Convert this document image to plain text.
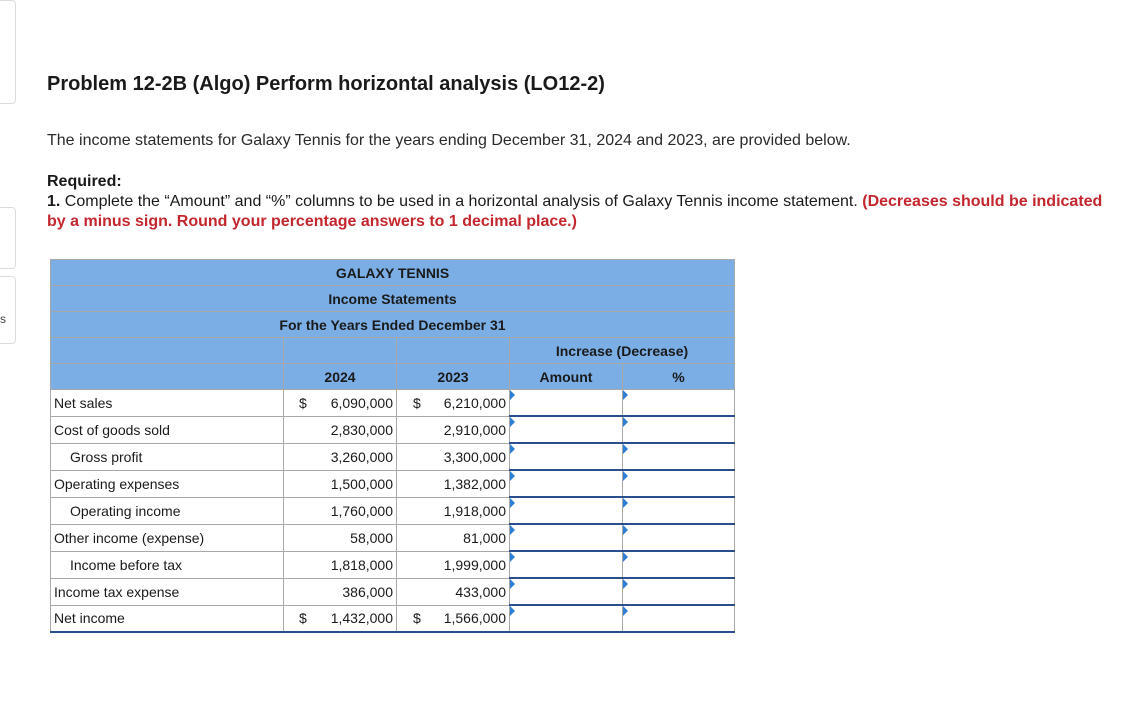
s
Problem 12-2B (Algo) Perform horizontal analysis (LO12-2)
The income statements for Galaxy Tennis for the years ending December 31, 2024 and 2023, are provided below.
Required:
1. Complete the “Amount” and “%” columns to be used in a horizontal analysis of Galaxy Tennis income statement. (Decreases should be indicated by a minus sign. Round your percentage answers to 1 decimal place.)
GALAXY TENNIS				
Income Statements				
For the Years Ended December 31				
			Increase (Decrease)	
	2024	2023	Amount	%
Net sales	$ 6,090,000	$ 6,210,000	

Cost of goods sold	2,830,000	2,910,000	

Gross profit	3,260,000	3,300,000	

Operating expenses	1,500,000	1,382,000	

Operating income	1,760,000	1,918,000	

Other income (expense)	58,000	81,000	

Income before tax	1,818,000	1,999,000	

Income tax expense	386,000	433,000	

Net income	$ 1,432,000	$ 1,566,000	
